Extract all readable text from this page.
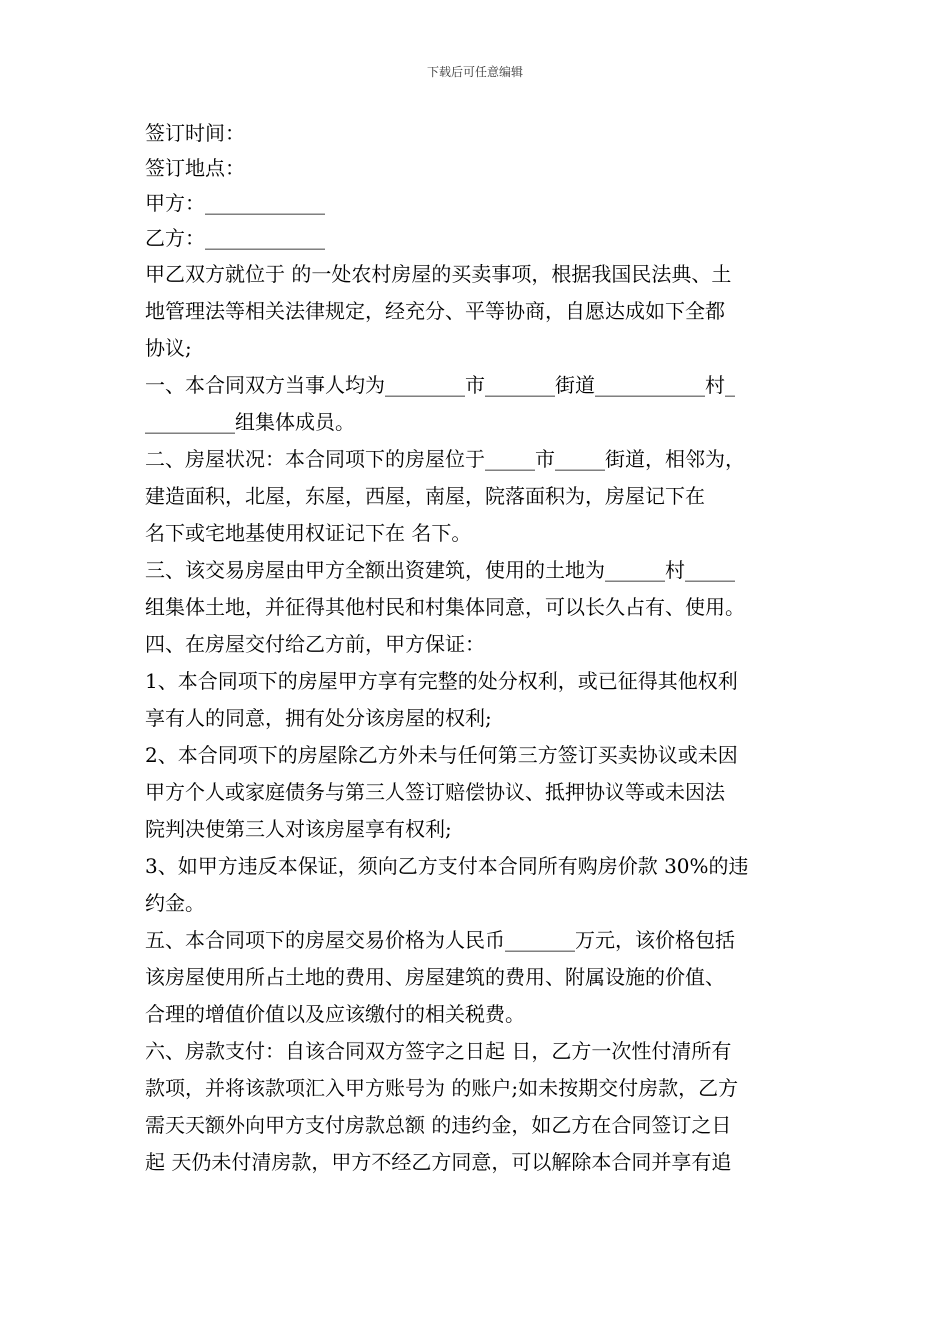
下载后可任意编辑
签订时间：
签订地点：
甲方：____________
乙方：____________
甲乙双方就位于 的一处农村房屋的买卖事项，根据我国民法典、土
地管理法等相关法律规定，经充分、平等协商，自愿达成如下全都
协议;
一、本合同双方当事人均为________市_______街道___________村_
_________组集体成员。
二、房屋状况：本合同项下的房屋位于_____市_____街道，相邻为，
建造面积，北屋，东屋，西屋，南屋，院落面积为，房屋记下在
名下或宅地基使用权证记下在 名下。
三、该交易房屋由甲方全额出资建筑，使用的土地为______村_____
组集体土地，并征得其他村民和村集体同意，可以长久占有、使用。
四、在房屋交付给乙方前，甲方保证：
1、本合同项下的房屋甲方享有完整的处分权利，或已征得其他权利
享有人的同意，拥有处分该房屋的权利;
2、本合同项下的房屋除乙方外未与任何第三方签订买卖协议或未因
甲方个人或家庭债务与第三人签订赔偿协议、抵押协议等或未因法
院判决使第三人对该房屋享有权利;
3、如甲方违反本保证，须向乙方支付本合同所有购房价款 30%的违
约金。
五、本合同项下的房屋交易价格为人民币_______万元，该价格包括
该房屋使用所占土地的费用、房屋建筑的费用、附属设施的价值、
合理的增值价值以及应该缴付的相关税费。
六、房款支付：自该合同双方签字之日起 日，乙方一次性付清所有
款项，并将该款项汇入甲方账号为 的账户;如未按期交付房款，乙方
需天天额外向甲方支付房款总额 的违约金，如乙方在合同签订之日
起 天仍未付清房款，甲方不经乙方同意，可以解除本合同并享有追
